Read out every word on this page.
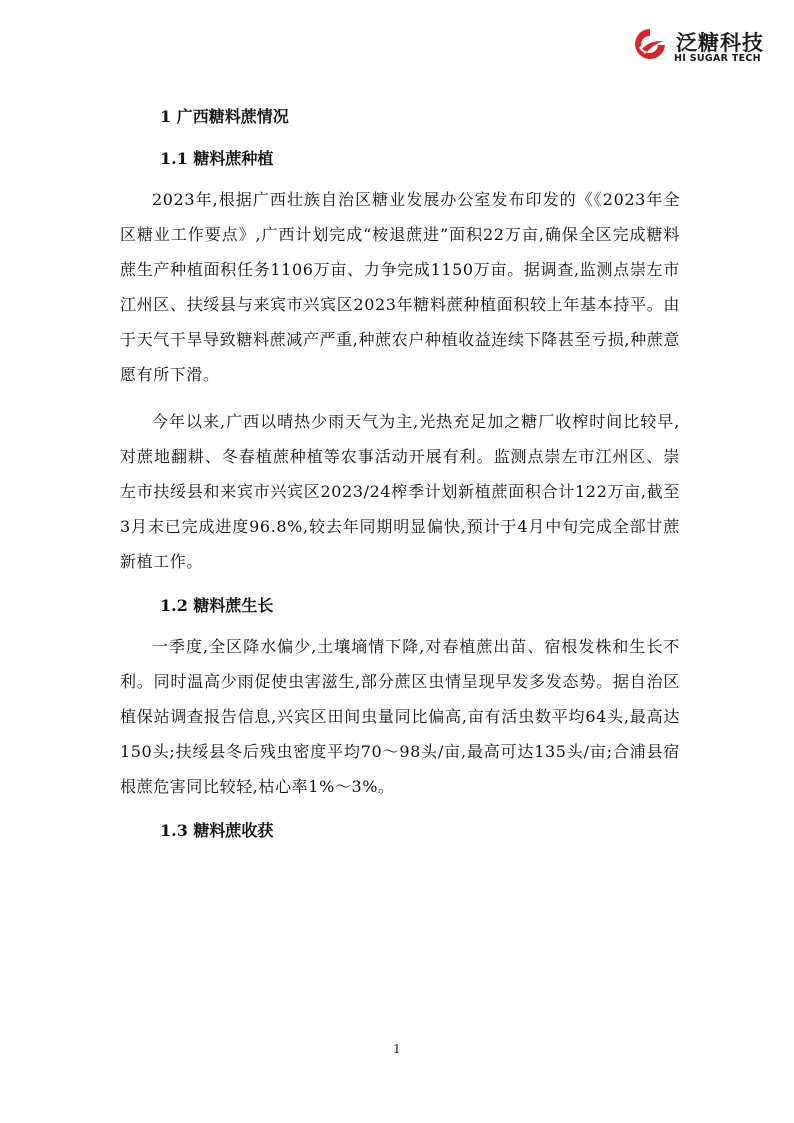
泛糖科技
HI SUGAR TECH
1 广西糖料蔗情况
1.1 糖料蔗种植

2023年,根据广西壮族自治区糖业发展办公室发布印发的《《2023年全区糖业工作要点》,广西计划完成“桉退蔗进”面积22万亩,确保全区完成糖料蔗生产种植面积任务1106万亩、力争完成1150万亩。据调查,监测点崇左市江州区、扶绥县与来宾市兴宾区2023年糖料蔗种植面积较上年基本持平。由于天气干旱导致糖料蔗减产严重,种蔗农户种植收益连续下降甚至亏损,种蔗意愿有所下滑。

今年以来,广西以晴热少雨天气为主,光热充足加之糖厂收榨时间比较早,对蔗地翻耕、冬春植蔗种植等农事活动开展有利。监测点崇左市江州区、崇左市扶绥县和来宾市兴宾区2023/24榨季计划新植蔗面积合计122万亩,截至3月末已完成进度96.8%,较去年同期明显偏快,预计于4月中旬完成全部甘蔗新植工作。

1.2 糖料蔗生长

一季度,全区降水偏少,土壤墒情下降,对春植蔗出苗、宿根发株和生长不利。同时温高少雨促使虫害滋生,部分蔗区虫情呈现早发多发态势。据自治区植保站调查报告信息,兴宾区田间虫量同比偏高,亩有活虫数平均64头,最高达150头;扶绥县冬后残虫密度平均70～98头/亩,最高可达135头/亩;合浦县宿根蔗危害同比较轻,枯心率1%～3%。

1.3 糖料蔗收获
1
